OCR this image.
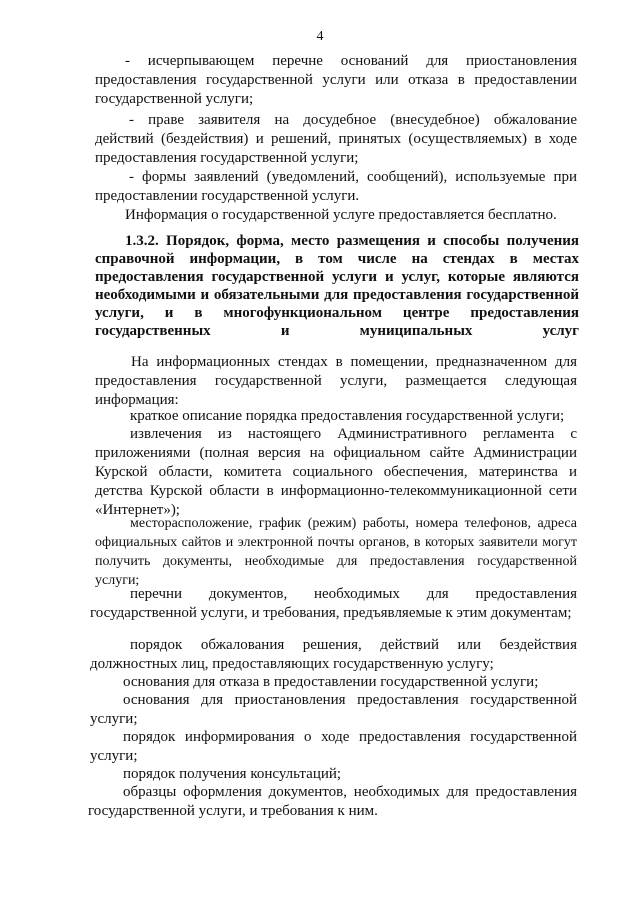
4

- исчерпывающем перечне оснований для приостановления предоставления государственной услуги или отказа в предоставлении государственной услуги;

- праве заявителя на досудебное (внесудебное) обжалование действий (бездействия) и решений, принятых (осуществляемых) в ходе предоставления государственной услуги;

- формы заявлений (уведомлений, сообщений), используемые при предоставлении государственной услуги.

Информация о государственной услуге предоставляется бесплатно.

1.3.2. Порядок, форма, место размещения и способы получения справочной информации, в том числе на стендах в местах предоставления государственной услуги и услуг, которые являются необходимыми и обязательными для предоставления государственной услуги, и в многофункциональном центре предоставления государственных и муниципальных услуг

На информационных стендах в помещении, предназначенном для предоставления государственной услуги, размещается следующая информация:

краткое описание порядка предоставления государственной услуги;

извлечения из настоящего Административного регламента с приложениями (полная версия на официальном сайте Администрации Курской области, комитета социального обеспечения, материнства и детства Курской области в информационно-телекоммуникационной сети «Интернет»);

месторасположение, график (режим) работы, номера телефонов, адреса официальных сайтов и электронной почты органов, в которых заявители могут получить документы, необходимые для предоставления государственной услуги;

перечни документов, необходимых для предоставления государственной услуги, и требования, предъявляемые к этим документам;

порядок обжалования решения, действий или бездействия должностных лиц, предоставляющих государственную услугу;

основания для отказа в предоставлении государственной услуги;

основания для приостановления предоставления государственной услуги;

порядок информирования о ходе предоставления государственной услуги;

порядок получения консультаций;

образцы оформления документов, необходимых для предоставления государственной услуги, и требования к ним.
